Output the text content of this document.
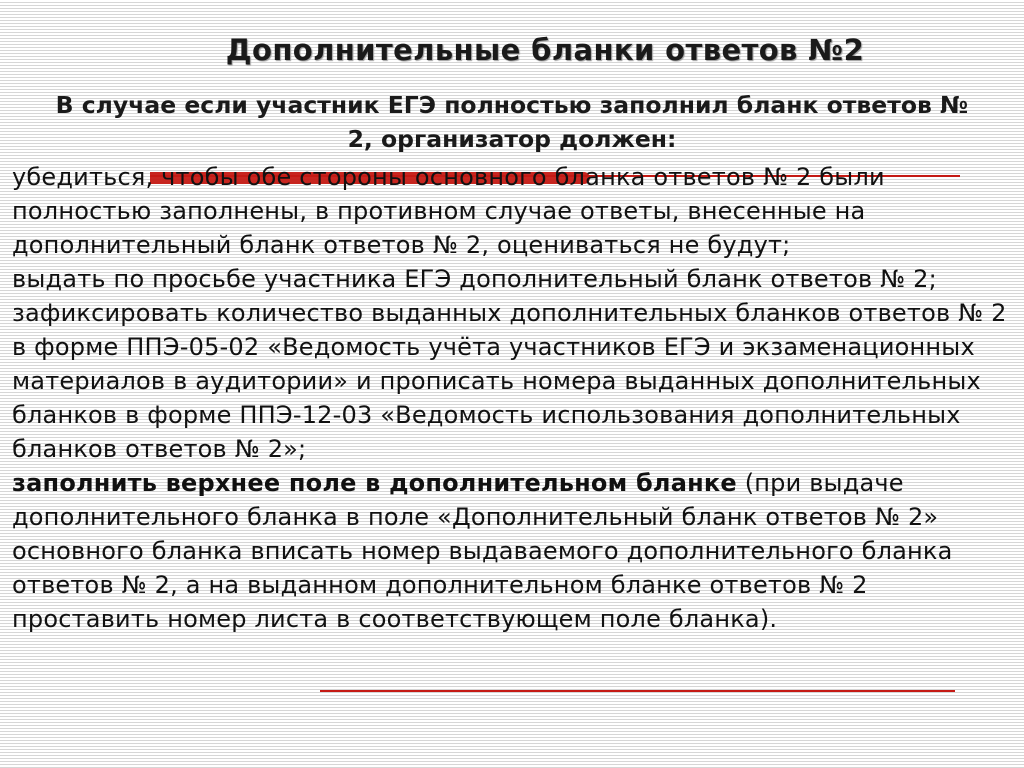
Дополнительные бланки ответов №2
В случае если участник ЕГЭ полностью заполнил бланк ответов № 2, организатор должен:

убедиться, чтобы обе стороны основного бланка ответов № 2 были полностью заполнены, в противном случае ответы, внесенные на дополнительный бланк ответов № 2, оцениваться не будут;

выдать по просьбе участника ЕГЭ дополнительный бланк ответов № 2;

зафиксировать количество выданных дополнительных бланков ответов № 2 в форме ППЭ-05-02 «Ведомость учёта участников ЕГЭ и экзаменационных материалов в аудитории» и прописать номера выданных дополнительных бланков в форме ППЭ-12-03 «Ведомость использования дополнительных бланков ответов № 2»;

заполнить верхнее поле в дополнительном бланке (при выдаче дополнительного бланка в поле «Дополнительный бланк ответов № 2» основного бланка вписать номер выдаваемого дополнительного бланка ответов № 2, а на выданном дополнительном бланке ответов № 2 проставить номер листа в соответствующем поле бланка).
